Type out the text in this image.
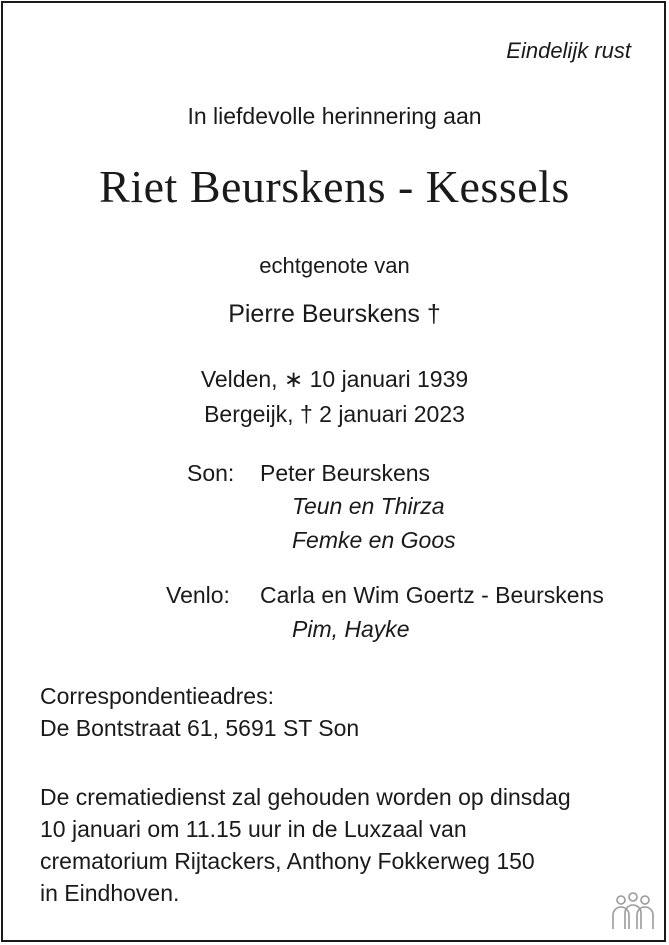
Eindelijk rust
In liefdevolle herinnering aan
Riet Beurskens - Kessels
echtgenote van
Pierre Beurskens †
Velden, ∗ 10 januari 1939
Bergeijk, † 2 januari 2023
Son: Peter Beurskens
Teun en Thirza
Femke en Goos
Venlo: Carla en Wim Goertz - Beurskens
Pim, Hayke
Correspondentieadres:
De Bontstraat 61, 5691 ST Son
De crematiedienst zal gehouden worden op dinsdag
10 januari om 11.15 uur in de Luxzaal van
crematorium Rijtackers, Anthony Fokkerweg 150
in Eindhoven.
